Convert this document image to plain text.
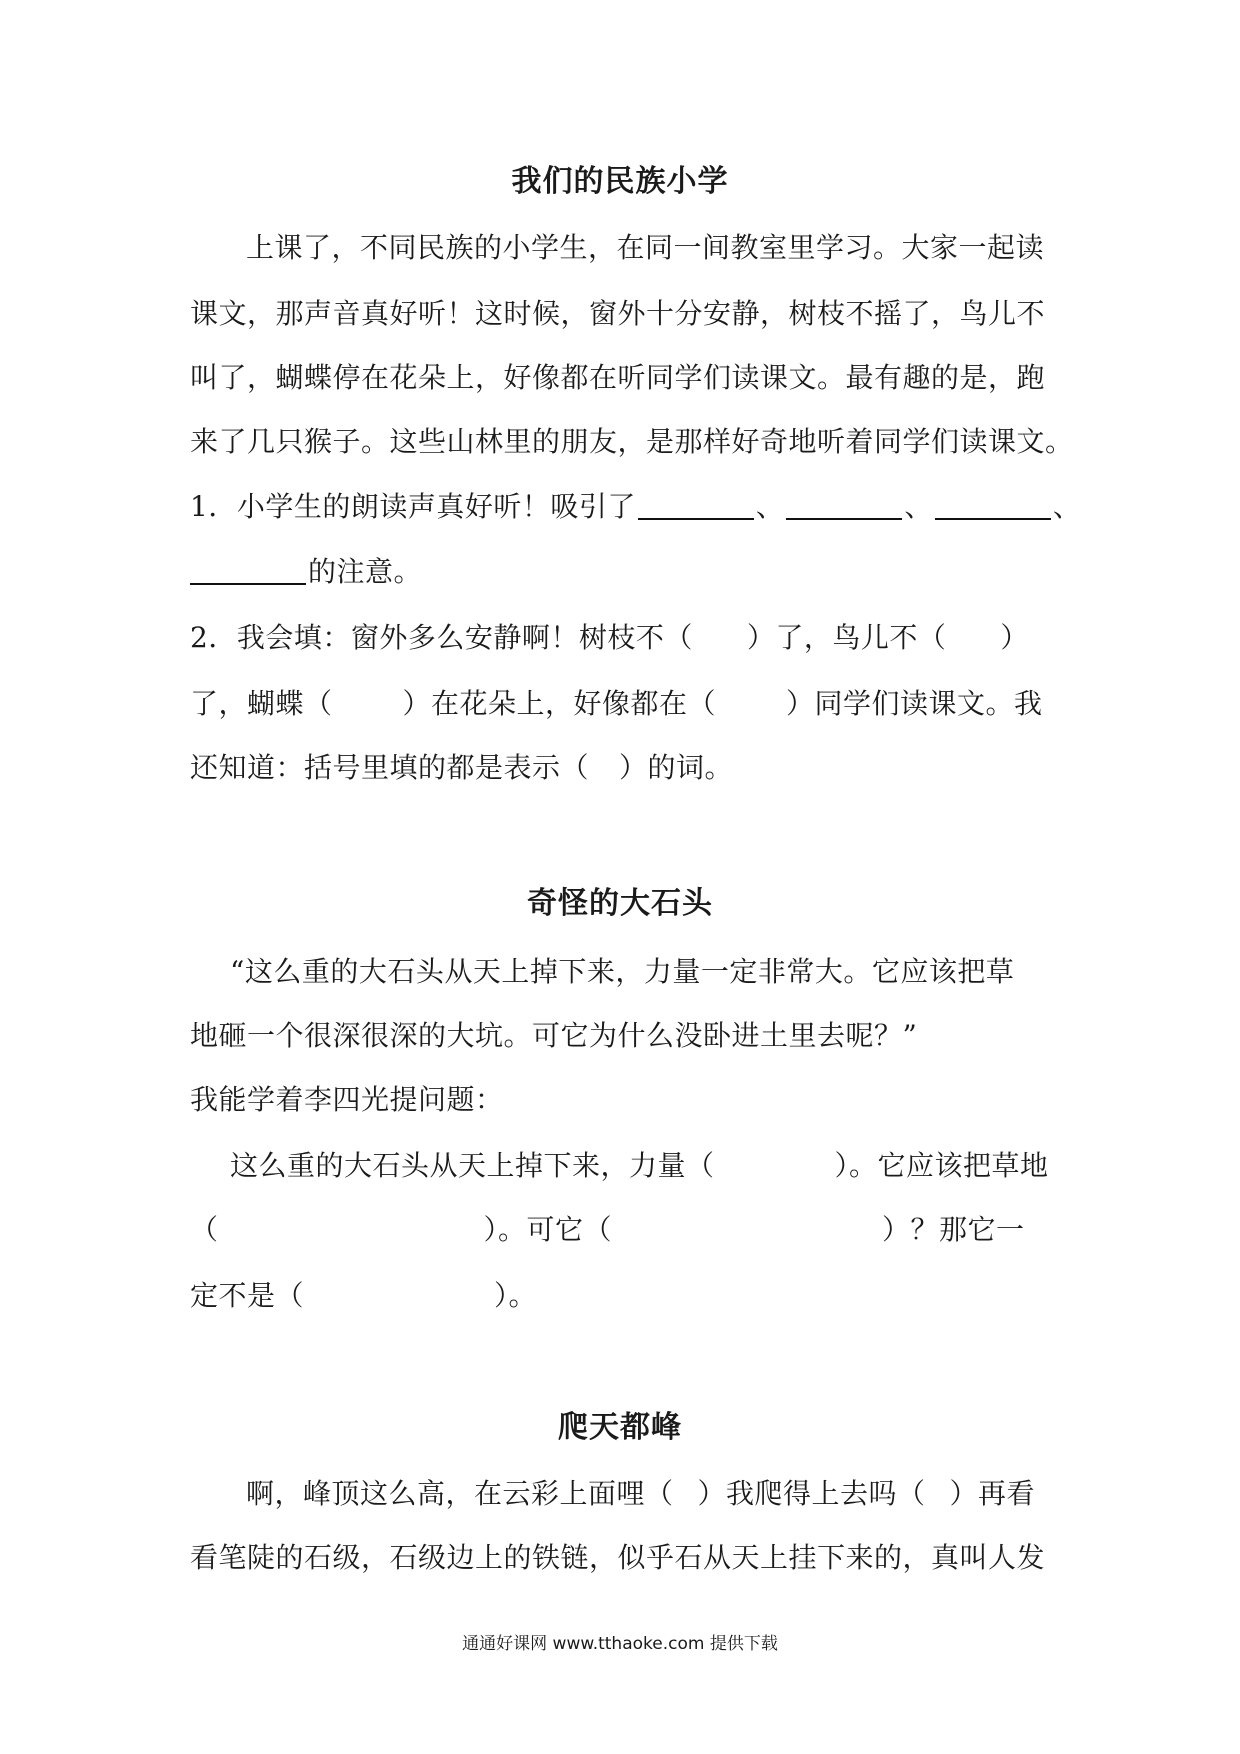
我们的民族小学
上课了，不同民族的小学生，在同一间教室里学习。大家一起读
课文，那声音真好听！这时候，窗外十分安静，树枝不摇了，鸟儿不
叫了，蝴蝶停在花朵上，好像都在听同学们读课文。最有趣的是，跑
来了几只猴子。这些山林里的朋友，是那样好奇地听着同学们读课文。
1．小学生的朗读声真好听！吸引了	、	、	、
的注意。
2．我会填：窗外多么安静啊！树枝不（ ）了，鸟儿不（ ）
了，蝴蝶（	）在花朵上，好像都在（	）同学们读课文。我
还知道：括号里填的都是表示（ ）的词。
奇怪的大石头
“这么重的大石头从天上掉下来，力量一定非常大。它应该把草
地砸一个很深很深的大坑。可它为什么没卧进土里去呢？”
我能学着李四光提问题：
这么重的大石头从天上掉下来，力量（	）。它应该把草地
（	）。可它（	）？那它一
定不是（	）。
爬天都峰
啊，峰顶这么高，在云彩上面哩（ ）我爬得上去吗（ ）再看
看笔陡的石级，石级边上的铁链，似乎石从天上挂下来的，真叫人发
通通好课网 www.tthaoke.com 提供下载
